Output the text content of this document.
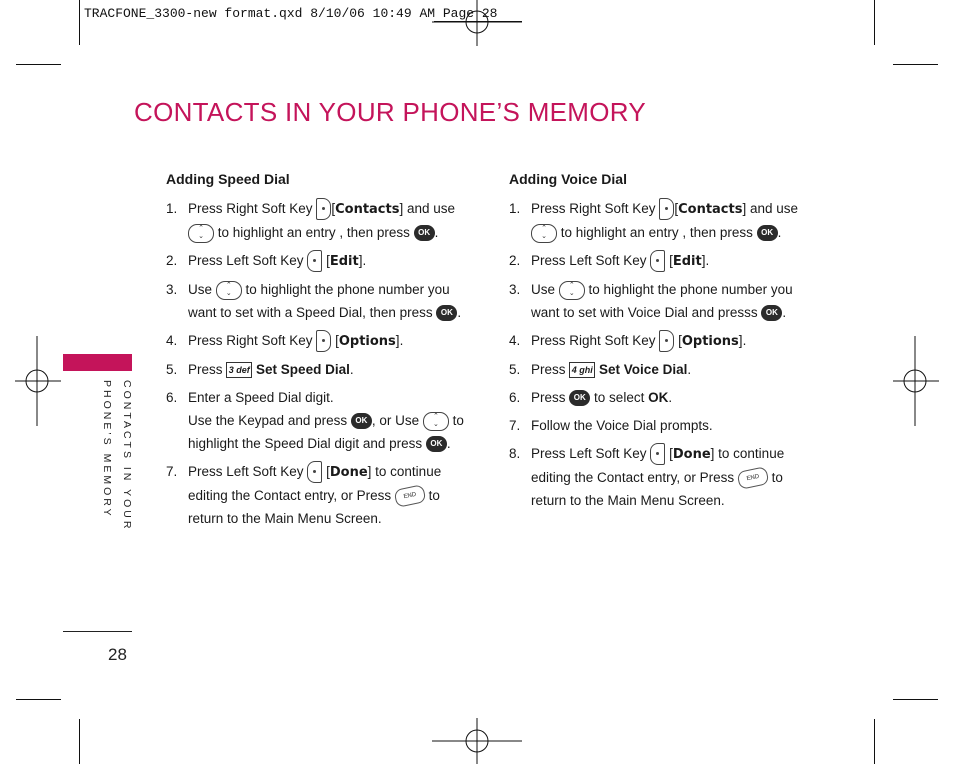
TRACFONE_3300-new format.qxd 8/10/06 10:49 AM Page 28
CONTACTS IN YOUR PHONE’S MEMORY
CONTACTS IN YOUR
PHONE’S MEMORY
28
Adding Speed Dial
1. Press Right Soft Key [Contacts] and use
⌃
⌄ to highlight an entry , then press OK .
2. Press Left Soft Key  [Edit].
3. Use ⌃
⌄ to highlight the phone number you
want to set with a Speed Dial, then press OK .
4. Press Right Soft Key  [Options].
5. Press 3 def Set Speed Dial.
6. Enter a Speed Dial digit.
Use the Keypad and press OK , or Use ⌃
⌄ to
highlight the Speed Dial digit and press OK .
7. Press Left Soft Key  [Done] to continue
editing the Contact entry, or Press END to
return to the Main Menu Screen.
Adding Voice Dial
1. Press Right Soft Key [Contacts] and use
⌃
⌄ to highlight an entry , then press OK .
2. Press Left Soft Key  [Edit].
3. Use ⌃
⌄ to highlight the phone number you
want to set with Voice Dial and presss OK .
4. Press Right Soft Key  [Options].
5. Press 4 ghi Set Voice Dial.
6. Press OK to select OK.
7. Follow the Voice Dial prompts.
8. Press Left Soft Key  [Done] to continue
editing the Contact entry, or Press END to
return to the Main Menu Screen.
